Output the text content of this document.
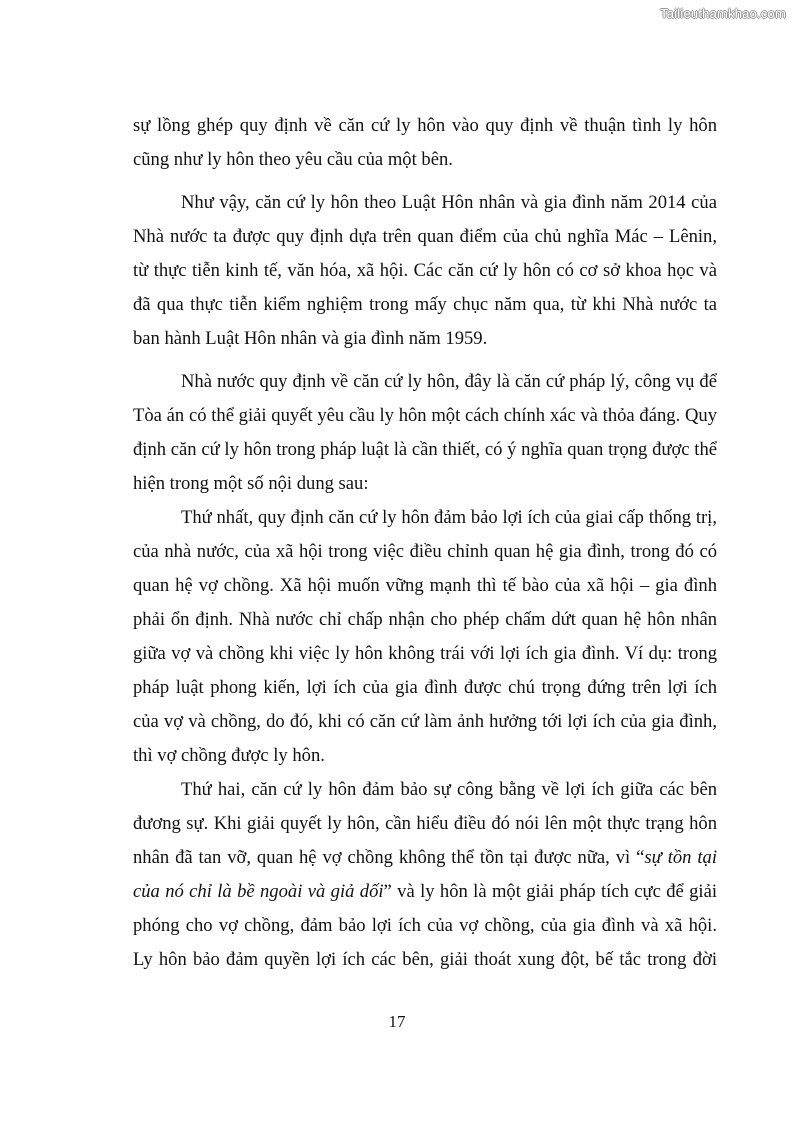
Tailieuthamkhao.com
sự lồng ghép quy định về căn cứ ly hôn vào quy định về thuận tình ly hôn
cũng như ly hôn theo yêu cầu của một bên.
Như vậy, căn cứ ly hôn theo Luật Hôn nhân và gia đình năm 2014 của
Nhà nước ta được quy định dựa trên quan điểm của chủ nghĩa Mác – Lênin,
từ thực tiễn kinh tế, văn hóa, xã hội. Các căn cứ ly hôn có cơ sở khoa học và
đã qua thực tiễn kiểm nghiệm trong mấy chục năm qua, từ khi Nhà nước ta
ban hành Luật Hôn nhân và gia đình năm 1959.
Nhà nước quy định về căn cứ ly hôn, đây là căn cứ pháp lý, công vụ để
Tòa án có thể giải quyết yêu cầu ly hôn một cách chính xác và thỏa đáng. Quy
định căn cứ ly hôn trong pháp luật là cần thiết, có ý nghĩa quan trọng được thể
hiện trong một số nội dung sau:
Thứ nhất, quy định căn cứ ly hôn đảm bảo lợi ích của giai cấp thống trị,
của nhà nước, của xã hội trong việc điều chỉnh quan hệ gia đình, trong đó có
quan hệ vợ chồng. Xã hội muốn vững mạnh thì tế bào của xã hội – gia đình
phải ổn định. Nhà nước chỉ chấp nhận cho phép chấm dứt quan hệ hôn nhân
giữa vợ và chồng khi việc ly hôn không trái với lợi ích gia đình. Ví dụ: trong
pháp luật phong kiến, lợi ích của gia đình được chú trọng đứng trên lợi ích
của vợ và chồng, do đó, khi có căn cứ làm ảnh hưởng tới lợi ích của gia đình,
thì vợ chồng được ly hôn.
Thứ hai, căn cứ ly hôn đảm bảo sự công bằng về lợi ích giữa các bên
đương sự. Khi giải quyết ly hôn, cần hiểu điều đó nói lên một thực trạng hôn
nhân đã tan vỡ, quan hệ vợ chồng không thể tồn tại được nữa, vì “sự tồn tại
của nó chỉ là bề ngoài và giả dối” và ly hôn là một giải pháp tích cực để giải
phóng cho vợ chồng, đảm bảo lợi ích của vợ chồng, của gia đình và xã hội.
Ly hôn bảo đảm quyền lợi ích các bên, giải thoát xung đột, bế tắc trong đời
17
